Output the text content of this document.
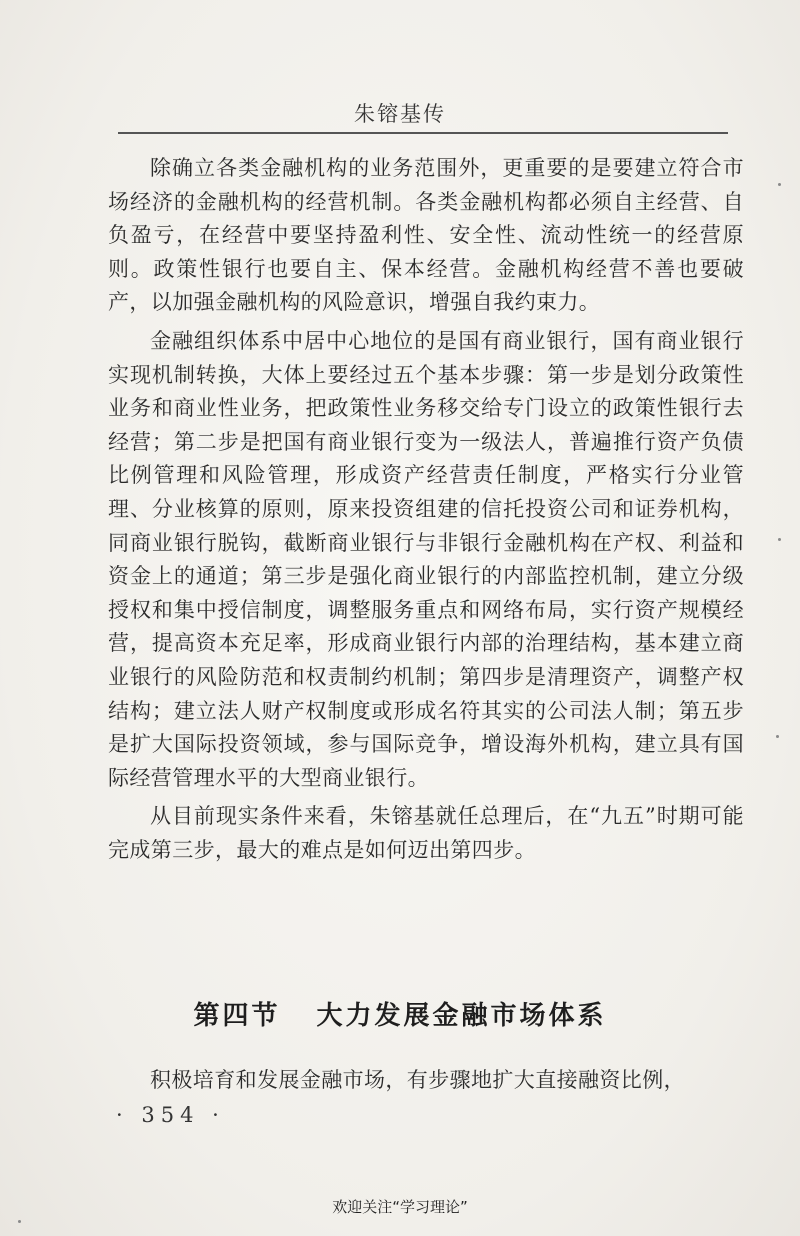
朱镕基传

除确立各类金融机构的业务范围外，更重要的是要建立符合市场经济的金融机构的经营机制。各类金融机构都必须自主经营、自负盈亏，在经营中要坚持盈利性、安全性、流动性统一的经营原则。政策性银行也要自主、保本经营。金融机构经营不善也要破产，以加强金融机构的风险意识，增强自我约束力。

金融组织体系中居中心地位的是国有商业银行，国有商业银行实现机制转换，大体上要经过五个基本步骤：第一步是划分政策性业务和商业性业务，把政策性业务移交给专门设立的政策性银行去经营；第二步是把国有商业银行变为一级法人，普遍推行资产负债比例管理和风险管理，形成资产经营责任制度，严格实行分业管理、分业核算的原则，原来投资组建的信托投资公司和证券机构，同商业银行脱钩，截断商业银行与非银行金融机构在产权、利益和资金上的通道；第三步是强化商业银行的内部监控机制，建立分级授权和集中授信制度，调整服务重点和网络布局，实行资产规模经营，提高资本充足率，形成商业银行内部的治理结构，基本建立商业银行的风险防范和权责制约机制；第四步是清理资产，调整产权结构；建立法人财产权制度或形成名符其实的公司法人制；第五步是扩大国际投资领域，参与国际竞争，增设海外机构，建立具有国际经营管理水平的大型商业银行。

从目前现实条件来看，朱镕基就任总理后，在“九五”时期可能完成第三步，最大的难点是如何迈出第四步。

第四节 大力发展金融市场体系
积极培育和发展金融市场，有步骤地扩大直接融资比例，
· 354 ·
欢迎关注“学习理论”
